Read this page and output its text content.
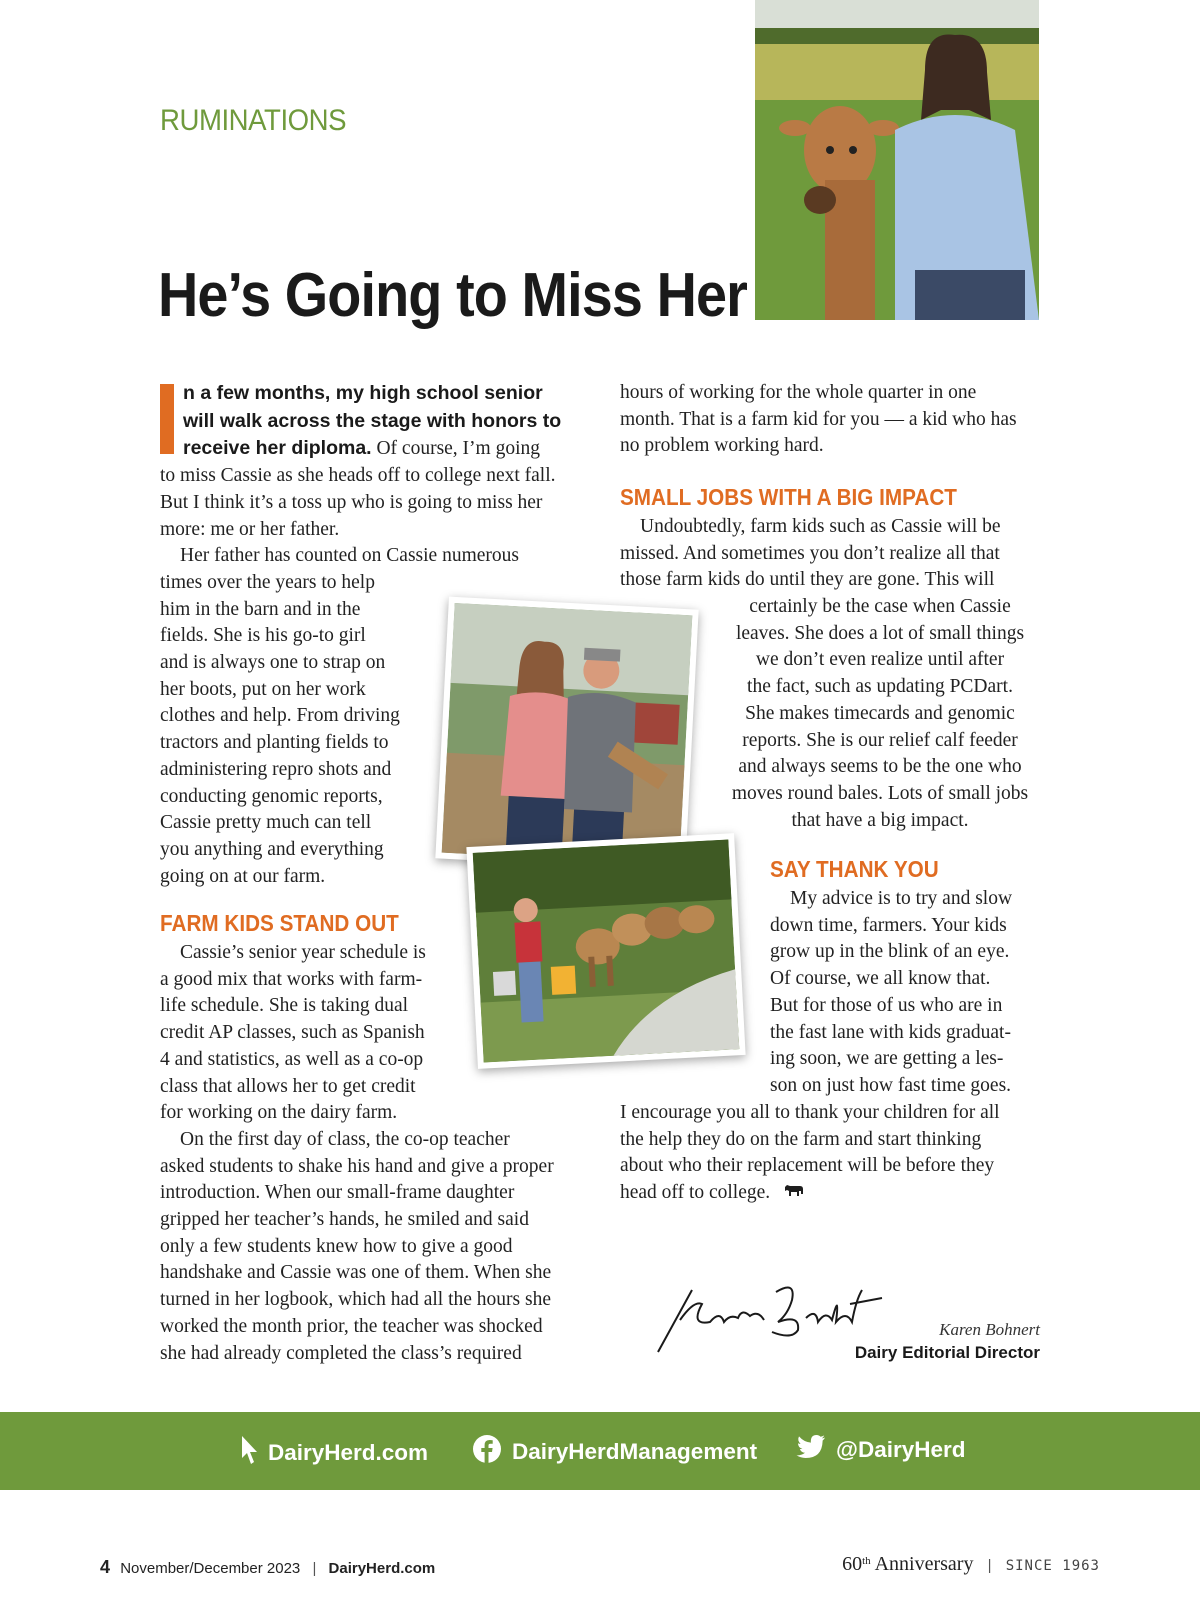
RUMINATIONS
He’s Going to Miss Her

n a few months, my high school senior

will walk across the stage with honors to

receive her diploma. Of course, I’m going

to miss Cassie as she heads off to college next fall.

But I think it’s a toss up who is going to miss her

more: me or her father.

Her father has counted on Cassie numerous

times over the years to help

him in the barn and in the

fields. She is his go-to girl

and is always one to strap on

her boots, put on her work

clothes and help. From driving

tractors and planting fields to

administering repro shots and

conducting genomic reports,

Cassie pretty much can tell

you anything and everything

going on at our farm.

FARM KIDS STAND OUT

Cassie’s senior year schedule is

a good mix that works with farm-

life schedule. She is taking dual

credit AP classes, such as Spanish

4 and statistics, as well as a co-op

class that allows her to get credit

for working on the dairy farm.

On the first day of class, the co-op teacher

asked students to shake his hand and give a proper

introduction. When our small-frame daughter

gripped her teacher’s hands, he smiled and said

only a few students knew how to give a good

handshake and Cassie was one of them. When she

turned in her logbook, which had all the hours she

worked the month prior, the teacher was shocked

she had already completed the class’s required

hours of working for the whole quarter in one

month. That is a farm kid for you — a kid who has

no problem working hard.

SMALL JOBS WITH A BIG IMPACT

Undoubtedly, farm kids such as Cassie will be

missed. And sometimes you don’t realize all that

those farm kids do until they are gone. This will

certainly be the case when Cassie

leaves. She does a lot of small things

we don’t even realize until after

the fact, such as updating PCDart.

She makes timecards and genomic

reports. She is our relief calf feeder

and always seems to be the one who

moves round bales. Lots of small jobs

that have a big impact.

SAY THANK YOU

My advice is to try and slow

down time, farmers. Your kids

grow up in the blink of an eye.

Of course, we all know that.

But for those of us who are in

the fast lane with kids graduat-

ing soon, we are getting a les-

son on just how fast time goes.

I encourage you all to thank your children for all

the help they do on the farm and start thinking

about who their replacement will be before they

head off to college.

Karen Bohnert
Dairy Editorial Director
DairyHerd.com	DairyHerdManagement	@DairyHerd
4 November/December 2023 | DairyHerd.com	60th Anniversary | SINCE 1963
